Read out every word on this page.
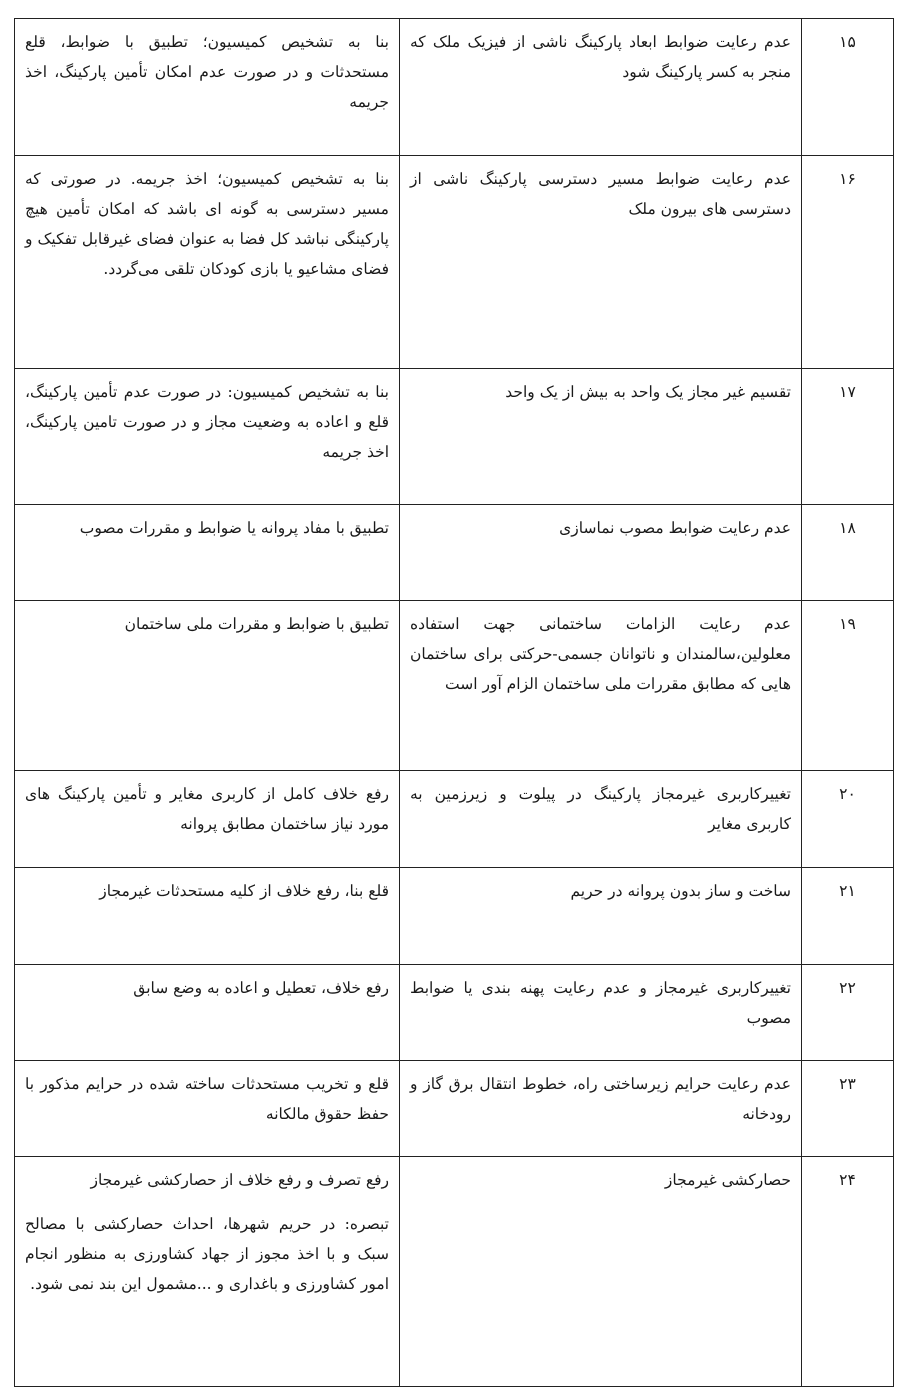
١۵	عدم رعایت ضوابط ابعاد پارکینگ ناشی از فیزیک ملک که منجر به کسر پارکینگ شود	بنا به تشخیص کمیسیون؛ تطبیق با ضوابط، قلع مستحدثات و در صورت عدم امکان تأمین پارکینگ، اخذ جریمه

١۶	عدم رعایت ضوابط مسیر دسترسی پارکینگ ناشی از دسترسی های بیرون ملک	بنا به تشخیص کمیسیون؛ اخذ جریمه. در صورتی که مسیر دسترسی به گونه ای باشد که امکان تأمین هیچ پارکینگی نباشد کل فضا به عنوان فضای غیرقابل تفکیک و فضای مشاعیو یا بازی کودکان تلقی می‌گردد.

١٧	تقسیم غیر مجاز یک واحد به بیش از یک واحد	بنا به تشخیص کمیسیون: در صورت عدم تأمین پارکینگ، قلع و اعاده به وضعیت مجاز و در صورت تامین پارکینگ، اخذ جریمه

١٨	عدم رعایت ضوابط مصوب نماسازی	تطبیق با مفاد پروانه یا ضوابط و مقررات مصوب

١٩	عدم رعایت الزامات ساختمانی جهت استفاده معلولین،سالمندان و ناتوانان جسمی-حرکتی برای ساختمان هایی که مطابق مقررات ملی ساختمان الزام آور است	تطبیق با ضوابط و مقررات ملی ساختمان

٢٠	تغییرکاربری غیرمجاز پارکینگ در پیلوت و زیرزمین به کاربری مغایر	رفع خلاف کامل از کاربری مغایر و تأمین پارکینگ های مورد نیاز ساختمان مطابق پروانه

٢١	ساخت و ساز بدون پروانه در حریم	قلع بنا، رفع خلاف از کلیه مستحدثات غیرمجاز

٢٢	تغییرکاربری غیرمجاز و عدم رعایت پهنه بندی یا ضوابط مصوب	رفع خلاف، تعطیل و اعاده به وضع سابق

٢٣	عدم رعایت حرایم زیرساختی راه، خطوط انتقال برق گاز و رودخانه	قلع و تخریب مستحدثات ساخته شده در حرایم مذکور با حفظ حقوق مالکانه

٢۴	حصارکشی غیرمجاز	رفع تصرف و رفع خلاف از حصارکشی غیرمجاز
تبصره: در حریم شهرها، احداث حصارکشی با مصالح سبک و با اخذ مجوز از جهاد کشاورزی به منظور انجام امور کشاورزی و باغداری و ...مشمول این بند نمی شود.
